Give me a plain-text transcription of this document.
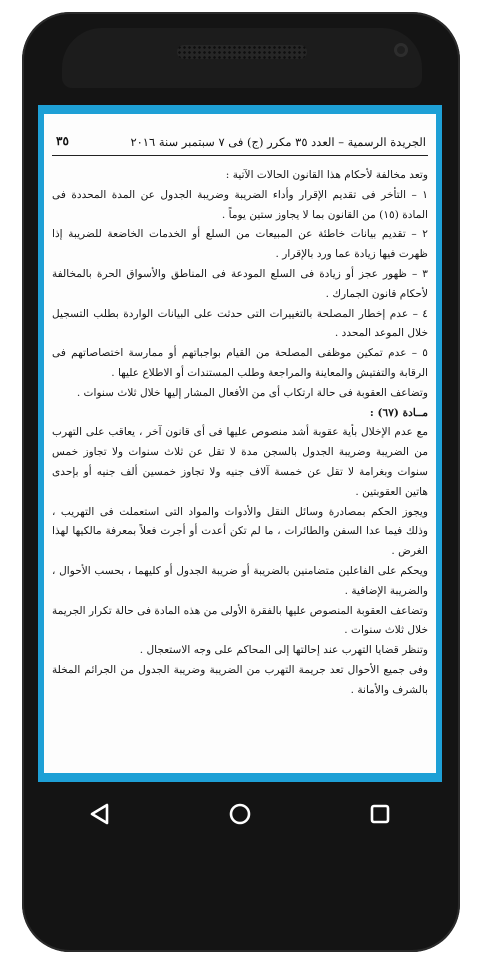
٣٥	الجريدة الرسمية – العدد ٣٥ مكرر (ج) فى ٧ سبتمبر سنة ٢٠١٦

وتعد مخالفة لأحكام هذا القانون الحالات الآتية :

١ – التأخر فى تقديم الإقرار وأداء الضريبة وضريبة الجدول عن المدة المحددة فى المادة (١٥) من القانون بما لا يجاوز ستين يوماً .

٢ – تقديم بيانات خاطئة عن المبيعات من السلع أو الخدمات الخاضعة للضريبة إذا ظهرت فيها زيادة عما ورد بالإقرار .

٣ – ظهور عجز أو زيادة فى السلع المودعة فى المناطق والأسواق الحرة بالمخالفة لأحكام قانون الجمارك .

٤ – عدم إخطار المصلحة بالتغييرات التى حدثت على البيانات الواردة بطلب التسجيل خلال الموعد المحدد .

٥ – عدم تمكين موظفى المصلحة من القيام بواجباتهم أو ممارسة اختصاصاتهم فى الرقابة والتفتيش والمعاينة والمراجعة وطلب المستندات أو الاطلاع عليها .

وتضاعف العقوبة فى حالة ارتكاب أى من الأفعال المشار إليها خلال ثلاث سنوات .

مــادة (٦٧) :

مع عدم الإخلال بأية عقوبة أشد منصوص عليها فى أى قانون آخر ، يعاقب على التهرب من الضريبة وضريبة الجدول بالسجن مدة لا تقل عن ثلاث سنوات ولا تجاوز خمس سنوات وبغرامة لا تقل عن خمسة آلاف جنيه ولا تجاوز خمسين ألف جنيه أو بإحدى هاتين العقوبتين .

ويجوز الحكم بمصادرة وسائل النقل والأدوات والمواد التى استعملت فى التهريب ، وذلك فيما عدا السفن والطائرات ، ما لم تكن أعدت أو أجرت فعلاً بمعرفة مالكيها لهذا الغرض .

ويحكم على الفاعلين متضامنين بالضريبة أو ضريبة الجدول أو كليهما ، بحسب الأحوال ، والضريبة الإضافية .

وتضاعف العقوبة المنصوص عليها بالفقرة الأولى من هذه المادة فى حالة تكرار الجريمة خلال ثلاث سنوات .

وتنظر قضايا التهرب عند إحالتها إلى المحاكم على وجه الاستعجال .

وفى جميع الأحوال تعد جريمة التهرب من الضريبة وضريبة الجدول من الجرائم المخلة بالشرف والأمانة .
